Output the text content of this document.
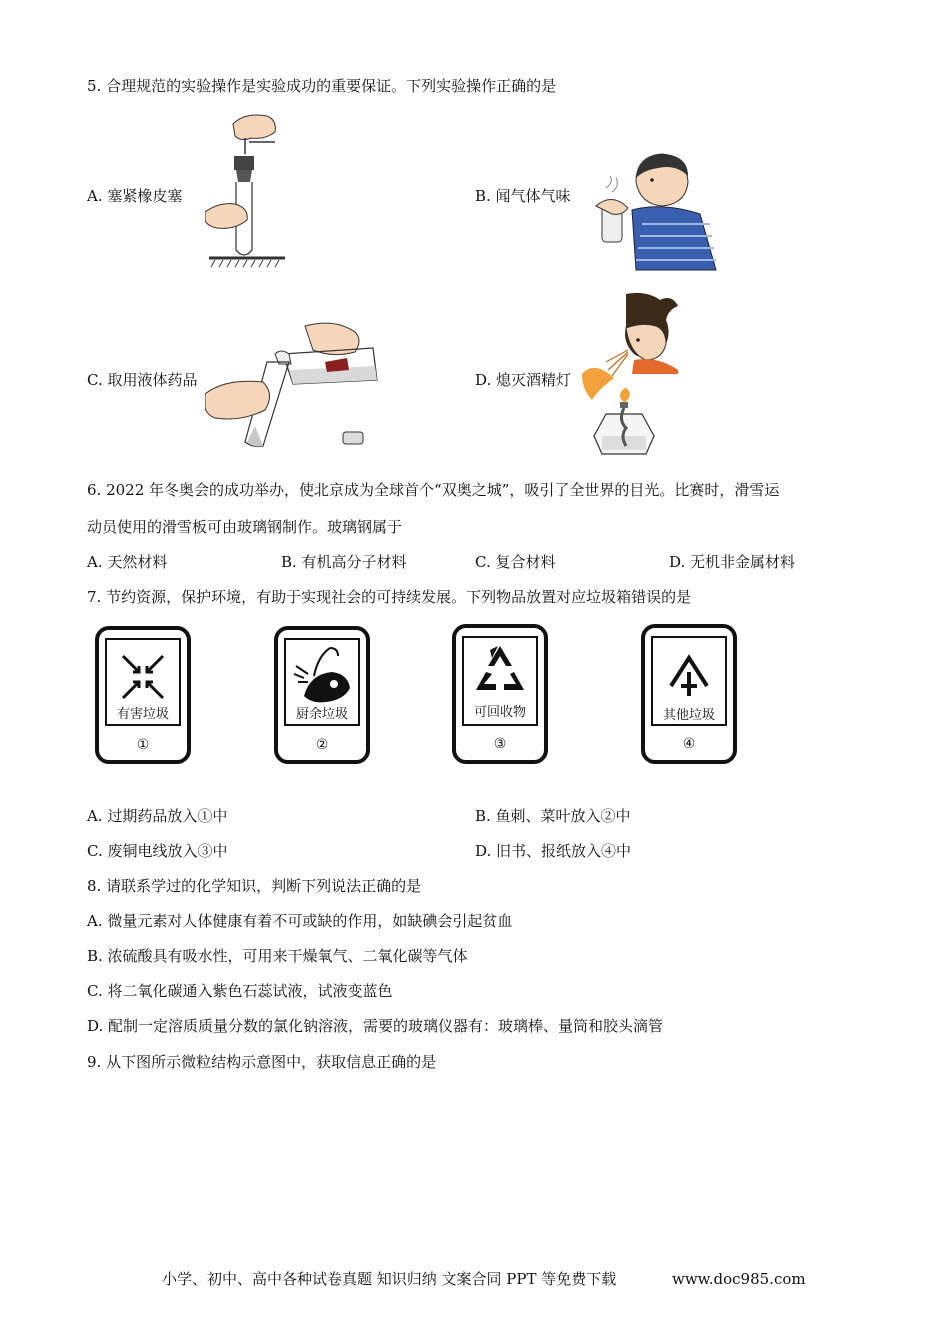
5. 合理规范的实验操作是实验成功的重要保证。下列实验操作正确的是
A. 塞紧橡皮塞	B. 闻气体气味
C. 取用液体药品	D. 熄灭酒精灯
6. 2022 年冬奥会的成功举办，使北京成为全球首个“双奥之城”，吸引了全世界的目光。比赛时，滑雪运
动员使用的滑雪板可由玻璃钢制作。玻璃钢属于
A. 天然材料	B. 有机高分子材料	C. 复合材料	D. 无机非金属材料
7. 节约资源，保护环境，有助于实现社会的可持续发展。下列物品放置对应垃圾箱错误的是
有害垃圾
①
厨余垃圾
②
可回收物
③
其他垃圾
④
A. 过期药品放入①中	B. 鱼刺、菜叶放入②中
C. 废铜电线放入③中	D. 旧书、报纸放入④中
8. 请联系学过的化学知识，判断下列说法正确的是
A. 微量元素对人体健康有着不可或缺的作用，如缺碘会引起贫血
B. 浓硫酸具有吸水性，可用来干燥氧气、二氧化碳等气体
C. 将二氧化碳通入紫色石蕊试液，试液变蓝色
D. 配制一定溶质质量分数的氯化钠溶液，需要的玻璃仪器有：玻璃棒、量筒和胶头滴管
9. 从下图所示微粒结构示意图中，获取信息正确的是
小学、初中、高中各种试卷真题 知识归纳 文案合同 PPT 等免费下载	www.doc985.com
